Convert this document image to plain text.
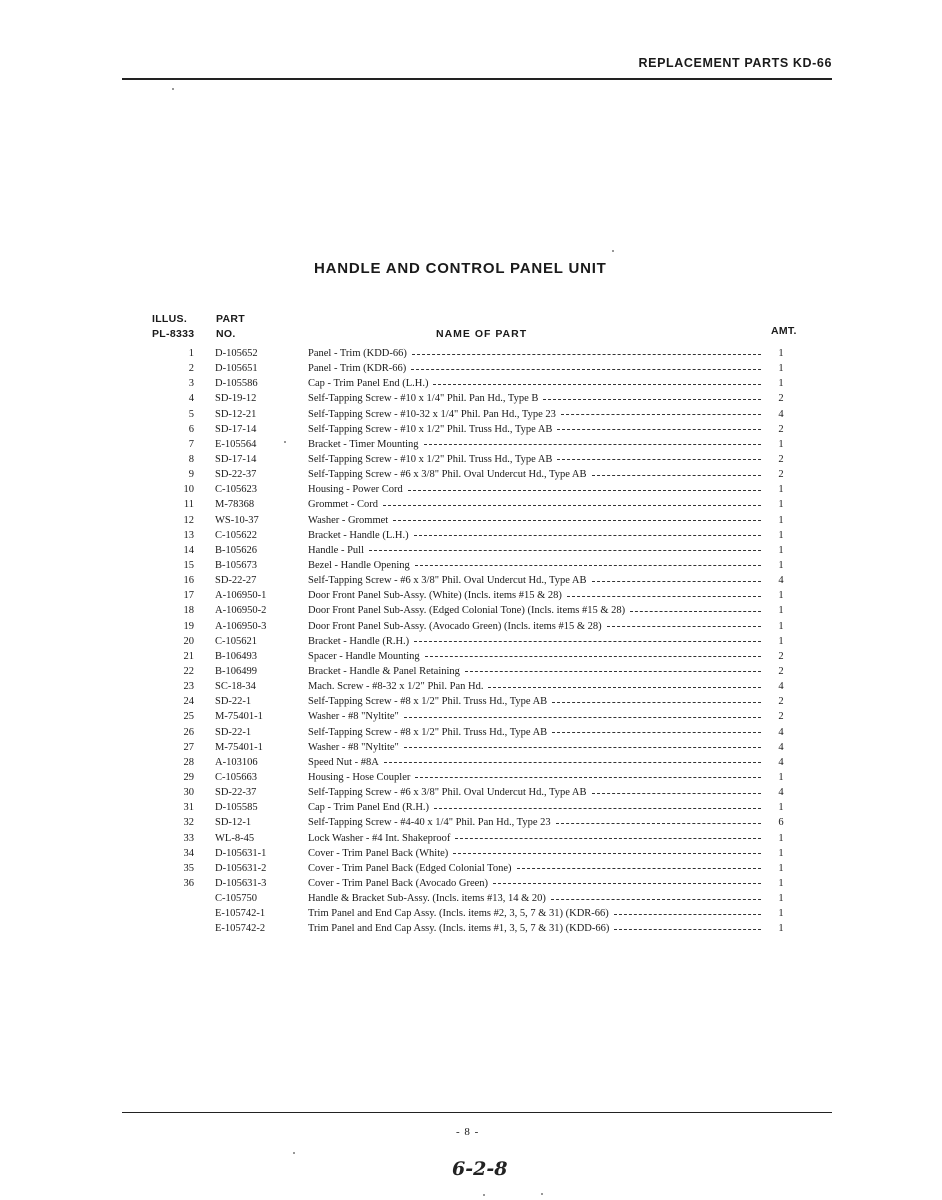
REPLACEMENT PARTS KD-66
HANDLE AND CONTROL PANEL UNIT
ILLUS.
PL-8333
PART
NO.	NAME OF PART	AMT.
1 D-105652	Panel - Trim (KDD-66)	1
2 D-105651	Panel - Trim (KDR-66)	1
3 D-105586	Cap - Trim Panel End (L.H.)	1
4 SD-19-12	Self-Tapping Screw - #10 x 1/4" Phil. Pan Hd., Type B	2
5 SD-12-21	Self-Tapping Screw - #10-32 x 1/4" Phil. Pan Hd., Type 23	4
6 SD-17-14	Self-Tapping Screw - #10 x 1/2" Phil. Truss Hd., Type AB	2
7 E-105564	Bracket - Timer Mounting	1
8 SD-17-14	Self-Tapping Screw - #10 x 1/2" Phil. Truss Hd., Type AB	2
9 SD-22-37	Self-Tapping Screw - #6 x 3/8" Phil. Oval Undercut Hd., Type AB	2
10 C-105623	Housing - Power Cord	1
11 M-78368	Grommet - Cord	1
12 WS-10-37	Washer - Grommet	1
13 C-105622	Bracket - Handle (L.H.)	1
14 B-105626	Handle - Pull	1
15 B-105673	Bezel - Handle Opening	1
16 SD-22-27	Self-Tapping Screw - #6 x 3/8" Phil. Oval Undercut Hd., Type AB	4
17 A-106950-1	Door Front Panel Sub-Assy. (White) (Incls. items #15 & 28)	1
18 A-106950-2	Door Front Panel Sub-Assy. (Edged Colonial Tone) (Incls. items #15 & 28)	1
19 A-106950-3	Door Front Panel Sub-Assy. (Avocado Green) (Incls. items #15 & 28)	1
20 C-105621	Bracket - Handle (R.H.)	1
21 B-106493	Spacer - Handle Mounting	2
22 B-106499	Bracket - Handle & Panel Retaining	2
23 SC-18-34	Mach. Screw - #8-32 x 1/2" Phil. Pan Hd.	4
24 SD-22-1	Self-Tapping Screw - #8 x 1/2" Phil. Truss Hd., Type AB	2
25 M-75401-1	Washer - #8 "Nyltite"	2
26 SD-22-1	Self-Tapping Screw - #8 x 1/2" Phil. Truss Hd., Type AB	4
27 M-75401-1	Washer - #8 "Nyltite"	4
28 A-103106	Speed Nut - #8A	4
29 C-105663	Housing - Hose Coupler	1
30 SD-22-37	Self-Tapping Screw - #6 x 3/8" Phil. Oval Undercut Hd., Type AB	4
31 D-105585	Cap - Trim Panel End (R.H.)	1
32 SD-12-1	Self-Tapping Screw - #4-40 x 1/4" Phil. Pan Hd., Type 23	6
33 WL-8-45	Lock Washer - #4 Int. Shakeproof	1
34 D-105631-1	Cover - Trim Panel Back (White)	1
35 D-105631-2	Cover - Trim Panel Back (Edged Colonial Tone)	1
36 D-105631-3	Cover - Trim Panel Back (Avocado Green)	1
C-105750	Handle & Bracket Sub-Assy. (Incls. items #13, 14 & 20)	1
E-105742-1	Trim Panel and End Cap Assy. (Incls. items #2, 3, 5, 7 & 31) (KDR-66)	1
E-105742-2	Trim Panel and End Cap Assy. (Incls. items #1, 3, 5, 7 & 31) (KDD-66)	1
- 8 -
6-2-8
